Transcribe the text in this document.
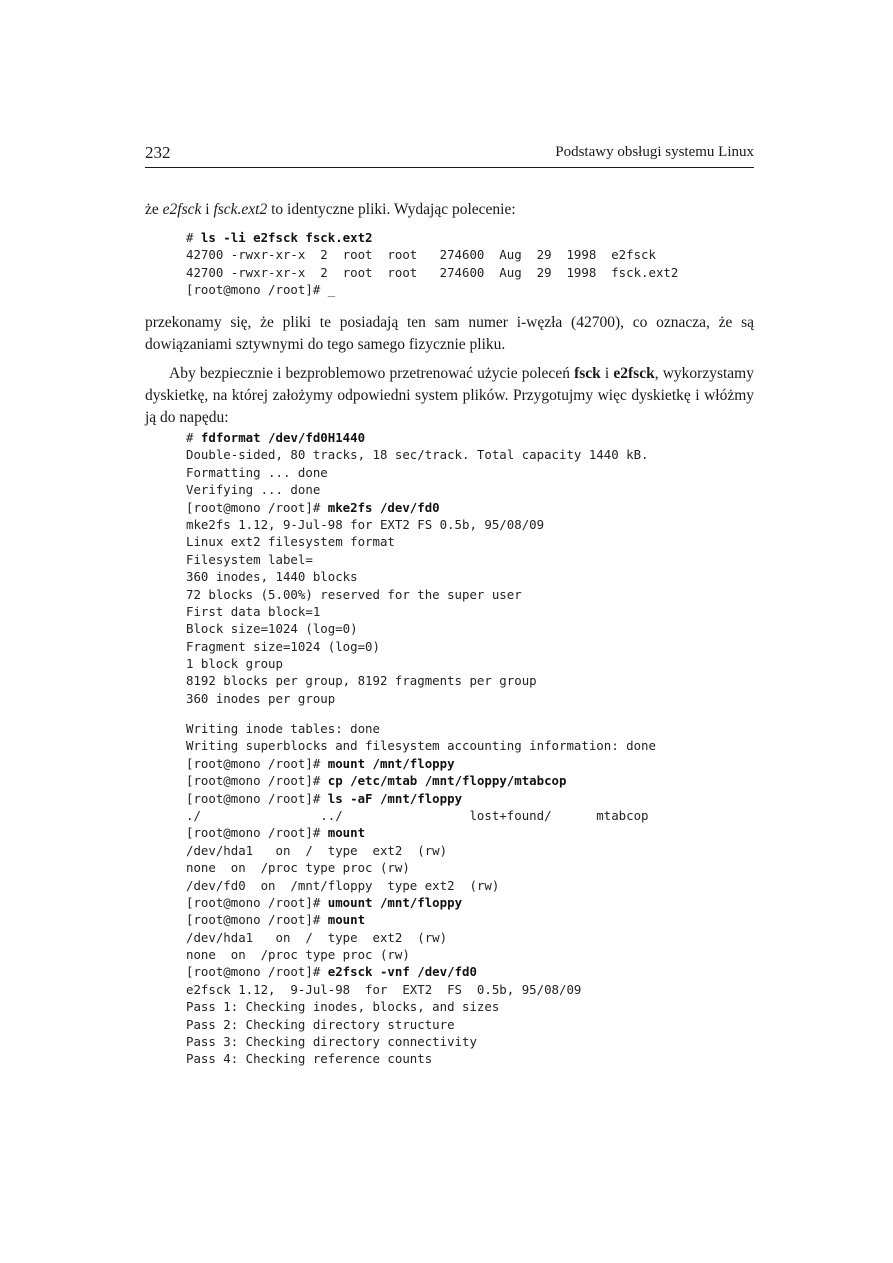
232	Podstawy obsługi systemu Linux

że e2fsck i fsck.ext2 to identyczne pliki. Wydając polecenie:

# ls -li e2fsck fsck.ext2
42700 -rwxr-xr-x  2  root  root   274600  Aug  29  1998  e2fsck
42700 -rwxr-xr-x  2  root  root   274600  Aug  29  1998  fsck.ext2
[root@mono /root]# _

przekonamy się, że pliki te posiadają ten sam numer i-węzła (42700), co oznacza, że są dowiązaniami sztywnymi do tego samego fizycznie pliku.

Aby bezpiecznie i bezproblemowo przetrenować użycie poleceń fsck i e2fsck, wykorzystamy dyskietkę, na której założymy odpowiedni system plików. Przygotujmy więc dyskietkę i włóżmy ją do napędu:

# fdformat /dev/fd0H1440
Double-sided, 80 tracks, 18 sec/track. Total capacity 1440 kB.
Formatting ... done
Verifying ... done
[root@mono /root]# mke2fs /dev/fd0
mke2fs 1.12, 9-Jul-98 for EXT2 FS 0.5b, 95/08/09
Linux ext2 filesystem format
Filesystem label=
360 inodes, 1440 blocks
72 blocks (5.00%) reserved for the super user
First data block=1
Block size=1024 (log=0)
Fragment size=1024 (log=0)
1 block group
8192 blocks per group, 8192 fragments per group
360 inodes per group
Writing inode tables: done
Writing superblocks and filesystem accounting information: done
[root@mono /root]# mount /mnt/floppy
[root@mono /root]# cp /etc/mtab /mnt/floppy/mtabcop
[root@mono /root]# ls -aF /mnt/floppy
./                ../                 lost+found/      mtabcop
[root@mono /root]# mount
/dev/hda1   on  /  type  ext2  (rw)
none  on  /proc type proc (rw)
/dev/fd0  on  /mnt/floppy  type ext2  (rw)
[root@mono /root]# umount /mnt/floppy
[root@mono /root]# mount
/dev/hda1   on  /  type  ext2  (rw)
none  on  /proc type proc (rw)
[root@mono /root]# e2fsck -vnf /dev/fd0
e2fsck 1.12,  9-Jul-98  for  EXT2  FS  0.5b, 95/08/09
Pass 1: Checking inodes, blocks, and sizes
Pass 2: Checking directory structure
Pass 3: Checking directory connectivity
Pass 4: Checking reference counts
